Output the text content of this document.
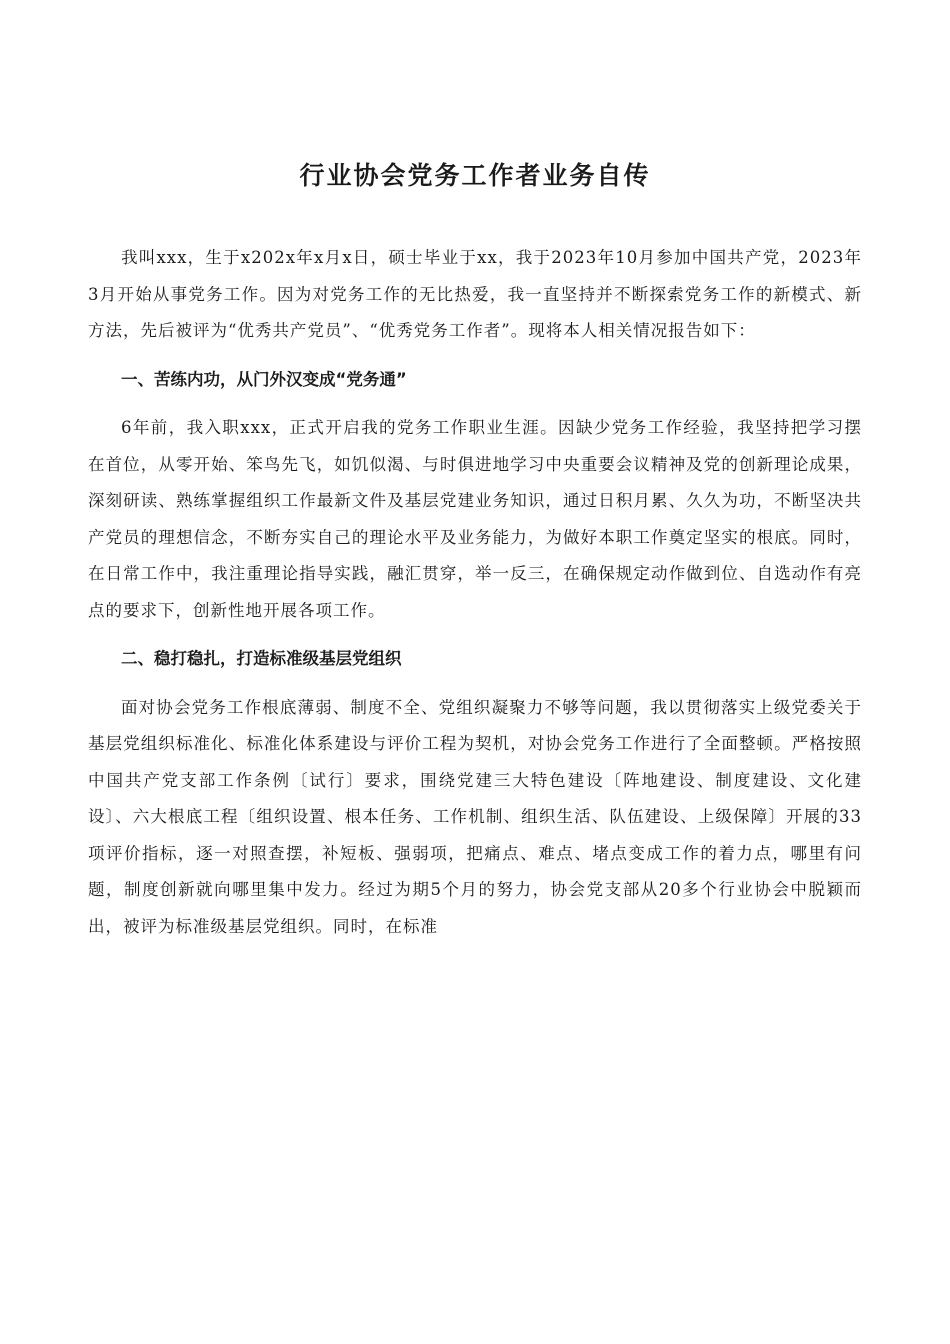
行业协会党务工作者业务自传

我叫xxx，生于x202x年x月x日，硕士毕业于xx，我于2023年10月参加中国共产党，2023年3月开始从事党务工作。因为对党务工作的无比热爱，我一直坚持并不断探索党务工作的新模式、新方法，先后被评为“优秀共产党员”、“优秀党务工作者”。现将本人相关情况报告如下：

一、苦练内功，从门外汉变成“党务通”

6年前，我入职xxx，正式开启我的党务工作职业生涯。因缺少党务工作经验，我坚持把学习摆在首位，从零开始、笨鸟先飞，如饥似渴、与时俱进地学习中央重要会议精神及党的创新理论成果，深刻研读、熟练掌握组织工作最新文件及基层党建业务知识，通过日积月累、久久为功，不断坚决共产党员的理想信念，不断夯实自己的理论水平及业务能力，为做好本职工作奠定坚实的根底。同时，在日常工作中，我注重理论指导实践，融汇贯穿，举一反三，在确保规定动作做到位、自选动作有亮点的要求下，创新性地开展各项工作。

二、稳打稳扎，打造标准级基层党组织

面对协会党务工作根底薄弱、制度不全、党组织凝聚力不够等问题，我以贯彻落实上级党委关于基层党组织标准化、标准化体系建设与评价工程为契机，对协会党务工作进行了全面整顿。严格按照中国共产党支部工作条例〔试行〕要求，围绕党建三大特色建设〔阵地建设、制度建设、文化建设〕、六大根底工程〔组织设置、根本任务、工作机制、组织生活、队伍建设、上级保障〕开展的33项评价指标，逐一对照查摆，补短板、强弱项，把痛点、难点、堵点变成工作的着力点，哪里有问题，制度创新就向哪里集中发力。经过为期5个月的努力，协会党支部从20多个行业协会中脱颖而出，被评为标准级基层党组织。同时，在标准
